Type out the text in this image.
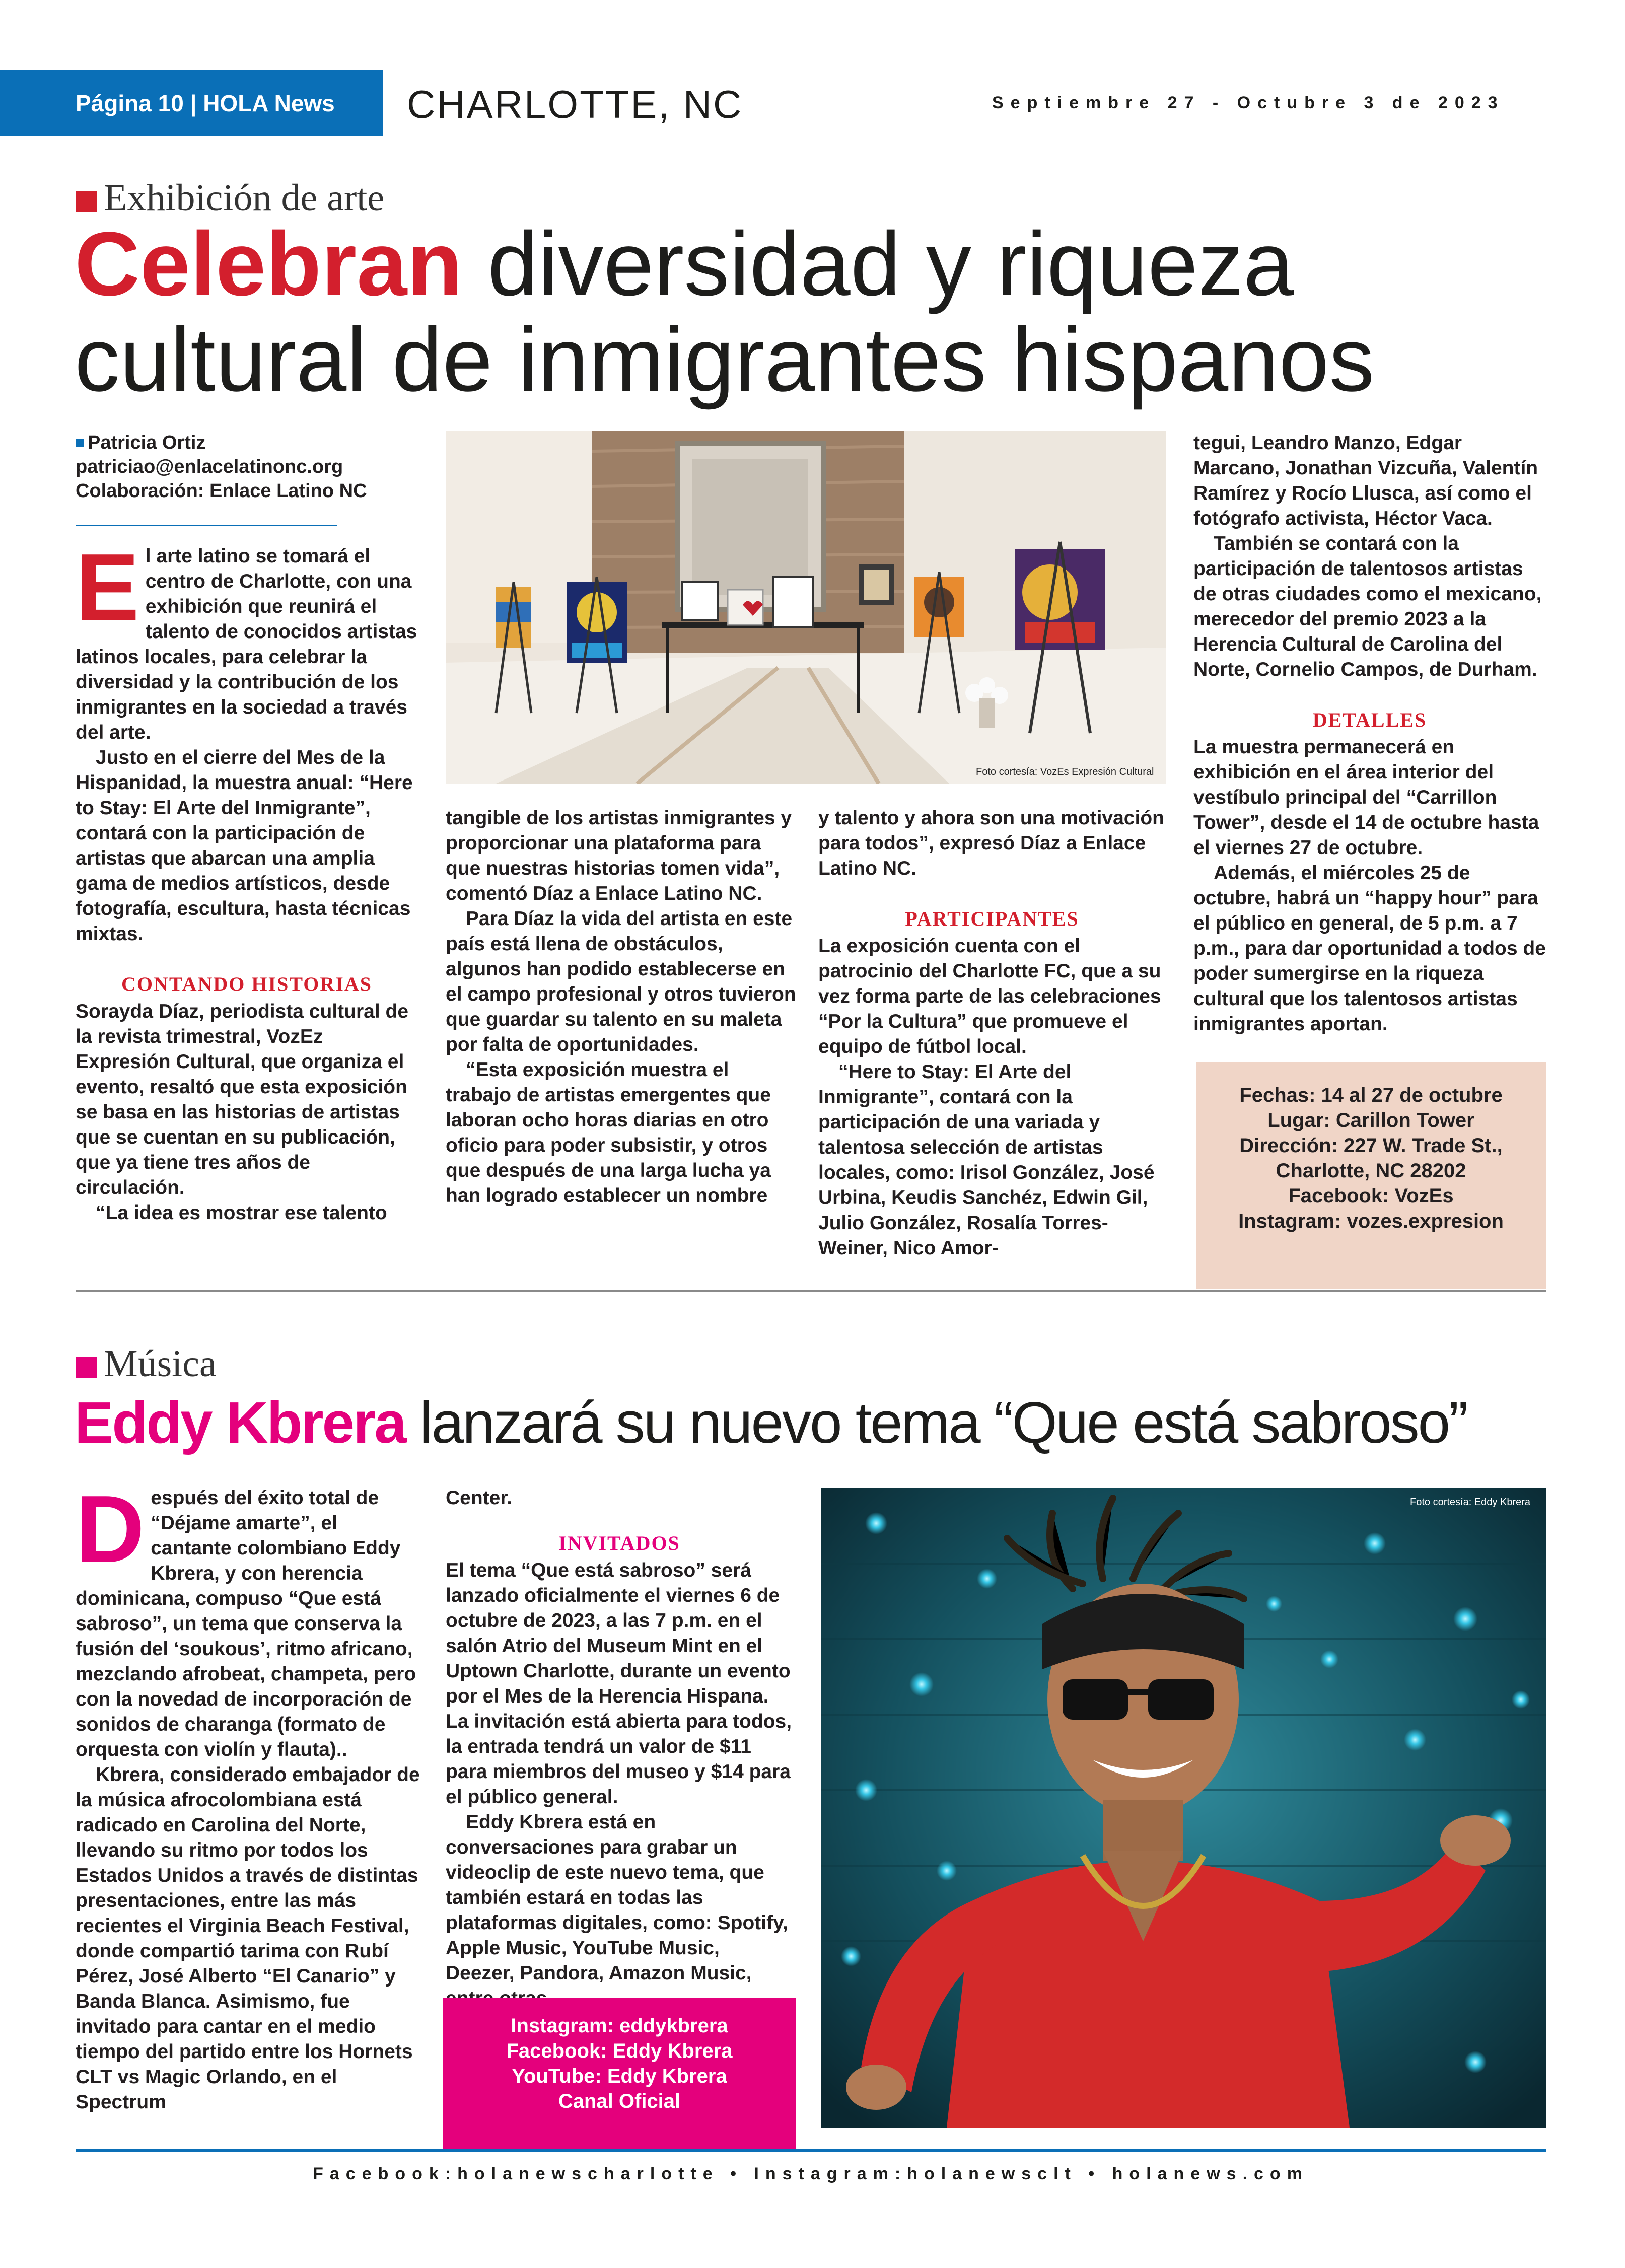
Página 10 | HOLA News CHARLOTTE, NC	Septiembre 27 - Octubre 3 de 2023
Exhibición de arte
Celebran diversidad y riqueza
cultural de inmigrantes hispanos
Patricia Ortiz
patriciao@enlacelatinonc.org
Colaboración: Enlace Latino NC
Foto cortesía: VozEs Expresión Cultural

El arte latino se tomará el centro de Charlotte, con una exhibición que reunirá el talento de conocidos artistas latinos locales, para celebrar la diversidad y la contribución de los inmigrantes en la sociedad a través del arte.

Justo en el cierre del Mes de la Hispanidad, la muestra anual: “Here to Stay: El Arte del Inmigrante”, contará con la participación de artistas que abarcan una amplia gama de medios artísticos, desde fotografía, escultura, hasta técnicas mixtas.

CONTANDO HISTORIAS

Sorayda Díaz, periodista cultural de la revista trimestral, VozEz Expresión Cultural, que organiza el evento, resaltó que esta exposición se basa en las historias de artistas que se cuentan en su publicación, que ya tiene tres años de circulación.

“La idea es mostrar ese talento

tangible de los artistas inmigrantes y proporcionar una plataforma para que nuestras historias tomen vida”, comentó Díaz a Enlace Latino NC.

Para Díaz la vida del artista en este país está llena de obstáculos, algunos han podido establecerse en el campo profesional y otros tuvieron que guardar su talento en su maleta por falta de oportunidades.

“Esta exposición muestra el trabajo de artistas emergentes que laboran ocho horas diarias en otro oficio para poder subsistir, y otros que después de una larga lucha ya han logrado establecer un nombre

y talento y ahora son una motivación para todos”, expresó Díaz a Enlace Latino NC.

PARTICIPANTES

La exposición cuenta con el patrocinio del Charlotte FC, que a su vez forma parte de las celebraciones “Por la Cultura” que promueve el equipo de fútbol local.

“Here to Stay: El Arte del Inmigrante”, contará con la participación de una variada y talentosa selección de artistas locales, como: Irisol González, José Urbina, Keudis Sanchéz, Edwin Gil, Julio González, Rosalía Torres-Weiner, Nico Amor-

tegui, Leandro Manzo, Edgar Marcano, Jonathan Vizcuña, Valentín Ramírez y Rocío Llusca, así como el fotógrafo activista, Héctor Vaca.

También se contará con la participación de talentosos artistas de otras ciudades como el mexicano, merecedor del premio 2023 a la Herencia Cultural de Carolina del Norte, Cornelio Campos, de Durham.

DETALLES

La muestra permanecerá en exhibición en el área interior del vestíbulo principal del “Carrillon Tower”, desde el 14 de octubre hasta el viernes 27 de octubre.

Además, el miércoles 25 de octubre, habrá un “happy hour” para el público en general, de 5 p.m. a 7 p.m., para dar oportunidad a todos de poder sumergirse en la riqueza cultural que los talentosos artistas inmigrantes aportan.

Fechas: 14 al 27 de octubre
Lugar: Carillon Tower
Dirección: 227 W. Trade St.,
Charlotte, NC 28202
Facebook: VozEs
Instagram: vozes.expresion
Música
Eddy Kbrera lanzará su nuevo tema “Que está sabroso”

Después del éxito total de “Déjame amarte”, el cantante colombiano Eddy Kbrera, y con herencia dominicana, compuso “Que está sabroso”, un tema que conserva la fusión del ‘soukous’, ritmo africano, mezclando afrobeat, champeta, pero con la novedad de incorporación de sonidos de charanga (formato de orquesta con violín y flauta)..

Kbrera, considerado embajador de la música afrocolombiana está radicado en Carolina del Norte, llevando su ritmo por todos los Estados Unidos a través de distintas presentaciones, entre las más recientes el Virginia Beach Festival, donde compartió tarima con Rubí Pérez, José Alberto “El Canario” y Banda Blanca. Asimismo, fue invitado para cantar en el medio tiempo del partido entre los Hornets CLT vs Magic Orlando, en el Spectrum

Center.

INVITADOS

El tema “Que está sabroso” será lanzado oficialmente el viernes 6 de octubre de 2023, a las 7 p.m. en el salón Atrio del Museum Mint en el Uptown Charlotte, durante un evento por el Mes de la Herencia Hispana. La invitación está abierta para todos, la entrada tendrá un valor de $11 para miembros del museo y $14 para el público general.

Eddy Kbrera está en conversaciones para grabar un videoclip de este nuevo tema, que también estará en todas las plataformas digitales, como: Spotify, Apple Music, YouTube Music, Deezer, Pandora, Amazon Music,

Instagram: eddykbrera
Facebook: Eddy Kbrera
YouTube: Eddy Kbrera
Canal Oficial
Foto cortesía: Eddy Kbrera
Facebook:holanewscharlotte • Instagram:holanewsclt • holanews.com
